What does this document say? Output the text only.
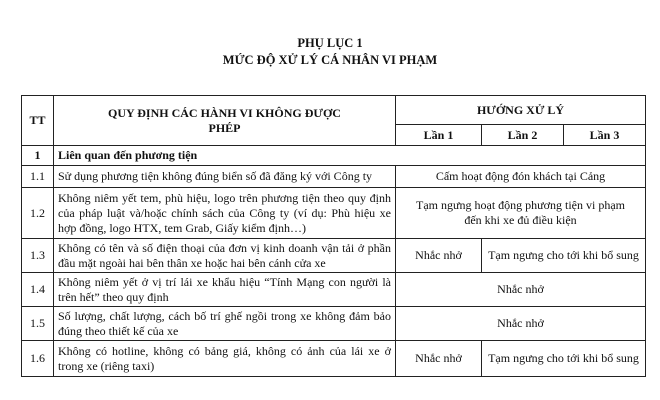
PHỤ LỤC 1
MỨC ĐỘ XỬ LÝ CÁ NHÂN VI PHẠM
TT	QUY ĐỊNH CÁC HÀNH VI KHÔNG ĐƯỢC PHÉP	HƯỚNG XỬ LÝ		
		Lần 1	Lần 2	Lần 3
1	Liên quan đến phương tiện			
1.1	Sử dụng phương tiện không đúng biển số đã đăng ký với Công ty	Cấm hoạt động đón khách tại Cảng		
1.2	Không niêm yết tem, phù hiệu, logo trên phương tiện theo quy định của pháp luật và/hoặc chính sách của Công ty (ví dụ: Phù hiệu xe hợp đồng, logo HTX, tem Grab, Giấy kiểm định…)	Tạm ngưng hoạt động phương tiện vi phạm đến khi xe đủ điều kiện		
1.3	Không có tên và số điện thoại của đơn vị kinh doanh vận tải ở phần đầu mặt ngoài hai bên thân xe hoặc hai bên cánh cửa xe	Nhắc nhở	Tạm ngưng cho tới khi bổ sung	
1.4	Không niêm yết ở vị trí lái xe khẩu hiệu “Tính Mạng con người là trên hết” theo quy định	Nhắc nhở		
1.5	Số lượng, chất lượng, cách bố trí ghế ngồi trong xe không đảm bảo đúng theo thiết kế của xe	Nhắc nhở		
1.6	Không có hotline, không có bảng giá, không có ảnh của lái xe ở trong xe (riêng taxi)	Nhắc nhở	Tạm ngưng cho tới khi bổ sung	
